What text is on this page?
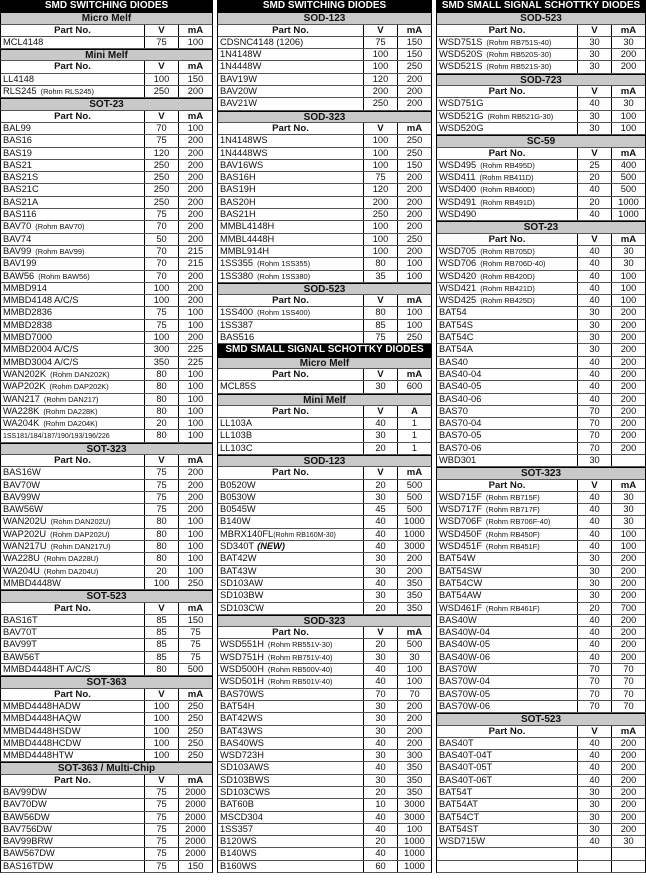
SMD SWITCHING DIODES
Micro Melf
Part No.	V	mA
MCL4148	75	100
Mini Melf
Part No.	V	mA
LL4148	100	150
RLS245 (Rohm RLS245)	250	200
SOT-23
Part No.	V	mA
BAL99	70	100
BAS16	75	200
BAS19	120	200
BAS21	250	200
BAS21S	250	200
BAS21C	250	200
BAS21A	250	200
BAS116	75	200
BAV70 (Rohm BAV70)	70	200
BAV74	50	200
BAV99 (Rohm BAV99)	70	215
BAV199	70	215
BAW56 (Rohm BAW56)	70	200
MMBD914	100	200
MMBD4148 A/C/S	100	200
MMBD2836	75	100
MMBD2838	75	100
MMBD7000	100	200
MMBD2004 A/C/S	300	225
MMBD3004 A/C/S	350	225
WAN202K (Rohm DAN202K)	80	100
WAP202K (Rohm DAP202K)	80	100
WAN217 (Rohm DAN217)	80	100
WA228K (Rohm DA228K)	80	100
WA204K (Rohm DA204K)	20	100
1SS181/184/187/190/193/196/226	80	100
SOT-323
Part No.	V	mA
BAS16W	75	200
BAV70W	75	200
BAV99W	75	200
BAW56W	75	200
WAN202U (Rohm DAN202U)	80	100
WAP202U (Rohm DAP202U)	80	100
WAN217U (Rohm DAN217U)	80	100
WA228U (Rohm DA228U)	80	100
WA204U (Rohm DA204U)	20	100
MMBD4448W	100	250
SOT-523
Part No.	V	mA
BAS16T	85	150
BAV70T	85	75
BAV99T	85	75
BAW56T	85	75
MMBD4448HT A/C/S	80	500
SOT-363
Part No.	V	mA
MMBD4448HADW	100	250
MMBD4448HAQW	100	250
MMBD4448HSDW	100	250
MMBD4448HCDW	100	250
MMBD4448HTW	100	250
SOT-363 / Multi-Chip
Part No.	V	mA
BAV99DW	75	2000
BAV70DW	75	2000
BAW56DW	75	2000
BAV756DW	75	2000
BAV99BRW	75	2000
BAW567DW	75	2000
BAS16TDW	75	150
SMD SWITCHING DIODES
SOD-123
Part No.	V	mA
CDSNC4148 (1206)	75	150
1N4148W	100	150
1N4448W	100	250
BAV19W	120	200
BAV20W	200	200
BAV21W	250	200
SOD-323
Part No.	V	mA
1N4148WS	100	250
1N4448WS	100	250
BAV16WS	100	150
BAS16H	75	200
BAS19H	120	200
BAS20H	200	200
BAS21H	250	200
MMBL4148H	100	200
MMBL4448H	100	250
MMBL914H	100	200
1SS355 (Rohm 1SS355)	80	100
1SS380 (Rohm 1SS380)	35	100
SOD-523
Part No.	V	mA
1SS400 (Rohm 1SS400)	80	100
1SS387	85	100
BAS516	75	250
SMD SMALL SIGNAL SCHOTTKY DIODES
Micro Melf
Part No.	V	mA
MCL85S	30	600
Mini Melf
Part No.	V	A
LL103A	40	1
LL103B	30	1
LL103C	20	1
SOD-123
Part No.	V	mA
B0520W	20	500
B0530W	30	500
B0545W	45	500
B140W	40	1000
MBRX140FL(Rohm RB160M-30)	40	1000
SD340T (NEW)	40	3000
BAT42W	30	200
BAT43W	30	200
SD103AW	40	350
SD103BW	30	350
SD103CW	20	350
SOD-323
Part No.	V	mA
WSD551H (Rohm RB551V-30)	20	500
WSD751H (Rohm RB751V-40)	30	30
WSD500H (Rohm RB500V-40)	40	100
WSD501H (Rohm RB501V-40)	40	100
BAS70WS	70	70
BAT54H	30	200
BAT42WS	30	200
BAT43WS	30	200
BAS40WS	40	200
WSD723H	30	300
SD103AWS	40	350
SD103BWS	30	350
SD103CWS	20	350
BAT60B	10	3000
MSCD304	40	3000
1SS357	40	100
B120WS	20	1000
B140WS	40	1000
B160WS	60	1000
SMD SMALL SIGNAL SCHOTTKY DIODES
SOD-523
Part No.	V	mA
WSD751S (Rohm RB751S-40)	30	30
WSD520S (Rohm RB520S-30)	30	200
WSD521S (Rohm RB521S-30)	30	200
SOD-723
Part No.	V	mA
WSD751G	40	30
WSD521G (Rohm RB521G-30)	30	100
WSD520G	30	100
SC-59
Part No.	V	mA
WSD495 (Rohm RB495D)	25	400
WSD411 (Rohm RB411D)	20	500
WSD400 (Rohm RB400D)	40	500
WSD491 (Rohm RB491D)	20	1000
WSD490	40	1000
SOT-23
Part No.	V	mA
WSD705 (Rohm RB705D)	40	30
WSD706 (Rohm RB706D-40)	40	30
WSD420 (Rohm RB420D)	40	100
WSD421 (Rohm RB421D)	40	100
WSD425 (Rohm RB425D)	40	100
BAT54	30	200
BAT54S	30	200
BAT54C	30	200
BAT54A	30	200
BAS40	40	200
BAS40-04	40	200
BAS40-05	40	200
BAS40-06	40	200
BAS70	70	200
BAS70-04	70	200
BAS70-05	70	200
BAS70-06	70	200
WBD301	30
SOT-323
Part No.	V	mA
WSD715F (Rohm RB715F)	40	30
WSD717F (Rohm RB717F)	40	30
WSD706F (Rohm RB706F-40)	40	30
WSD450F (Rohm RB450F)	40	100
WSD451F (Rohm RB451F)	40	100
BAT54W	30	200
BAT54SW	30	200
BAT54CW	30	200
BAT54AW	30	200
WSD461F (Rohm RB461F)	20	700
BAS40W	40	200
BAS40W-04	40	200
BAS40W-05	40	200
BAS40W-06	40	200
BAS70W	70	70
BAS70W-04	70	70
BAS70W-05	70	70
BAS70W-06	70	70
SOT-523
Part No.	V	mA
BAS40T	40	200
BAS40T-04T	40	200
BAS40T-05T	40	200
BAS40T-06T	40	200
BAT54T	30	200
BAT54AT	30	200
BAT54CT	30	200
BAT54ST	30	200
WSD715W	40	30
